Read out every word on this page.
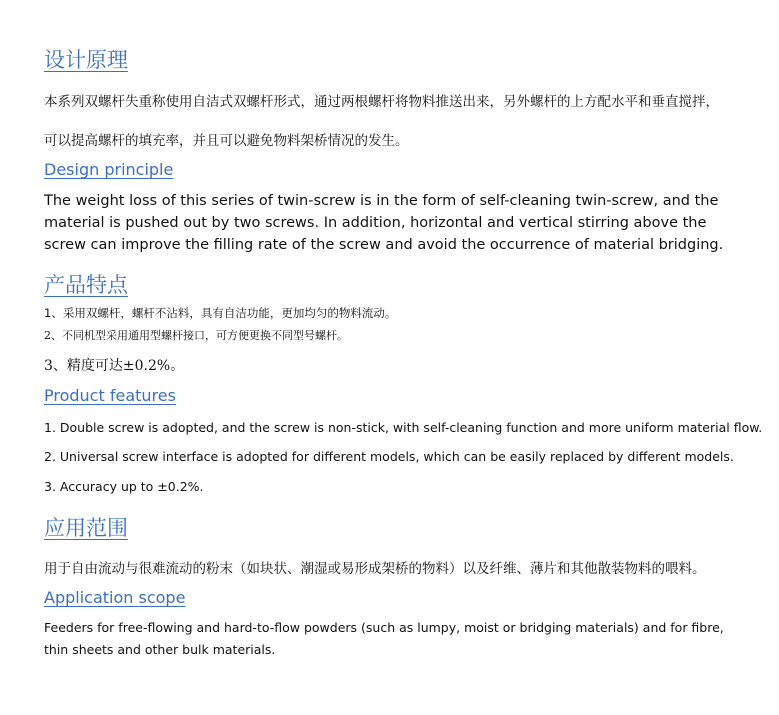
设计原理

本系列双螺杆失重称使用自洁式双螺杆形式，通过两根螺杆将物料推送出来，另外螺杆的上方配水平和垂直搅拌，

可以提高螺杆的填充率，并且可以避免物料架桥情况的发生。

Design principle

The weight loss of this series of twin-screw is in the form of self-cleaning twin-screw, and the material is pushed out by two screws. In addition, horizontal and vertical stirring above the screw can improve the filling rate of the screw and avoid the occurrence of material bridging.

产品特点

1、采用双螺杆，螺杆不沾料，具有自洁功能，更加均匀的物料流动。

2、不同机型采用通用型螺杆接口，可方便更换不同型号螺杆。

3、精度可达±0.2%。

Product features

1. Double screw is adopted, and the screw is non-stick, with self-cleaning function and more uniform material flow.

2. Universal screw interface is adopted for different models, which can be easily replaced by different models.

3. Accuracy up to ±0.2%.

应用范围

用于自由流动与很难流动的粉末（如块状、潮湿或易形成架桥的物料）以及纤维、薄片和其他散装物料的喂料。

Application scope

Feeders for free-flowing and hard-to-flow powders (such as lumpy, moist or bridging materials) and for fibre, thin sheets and other bulk materials.
